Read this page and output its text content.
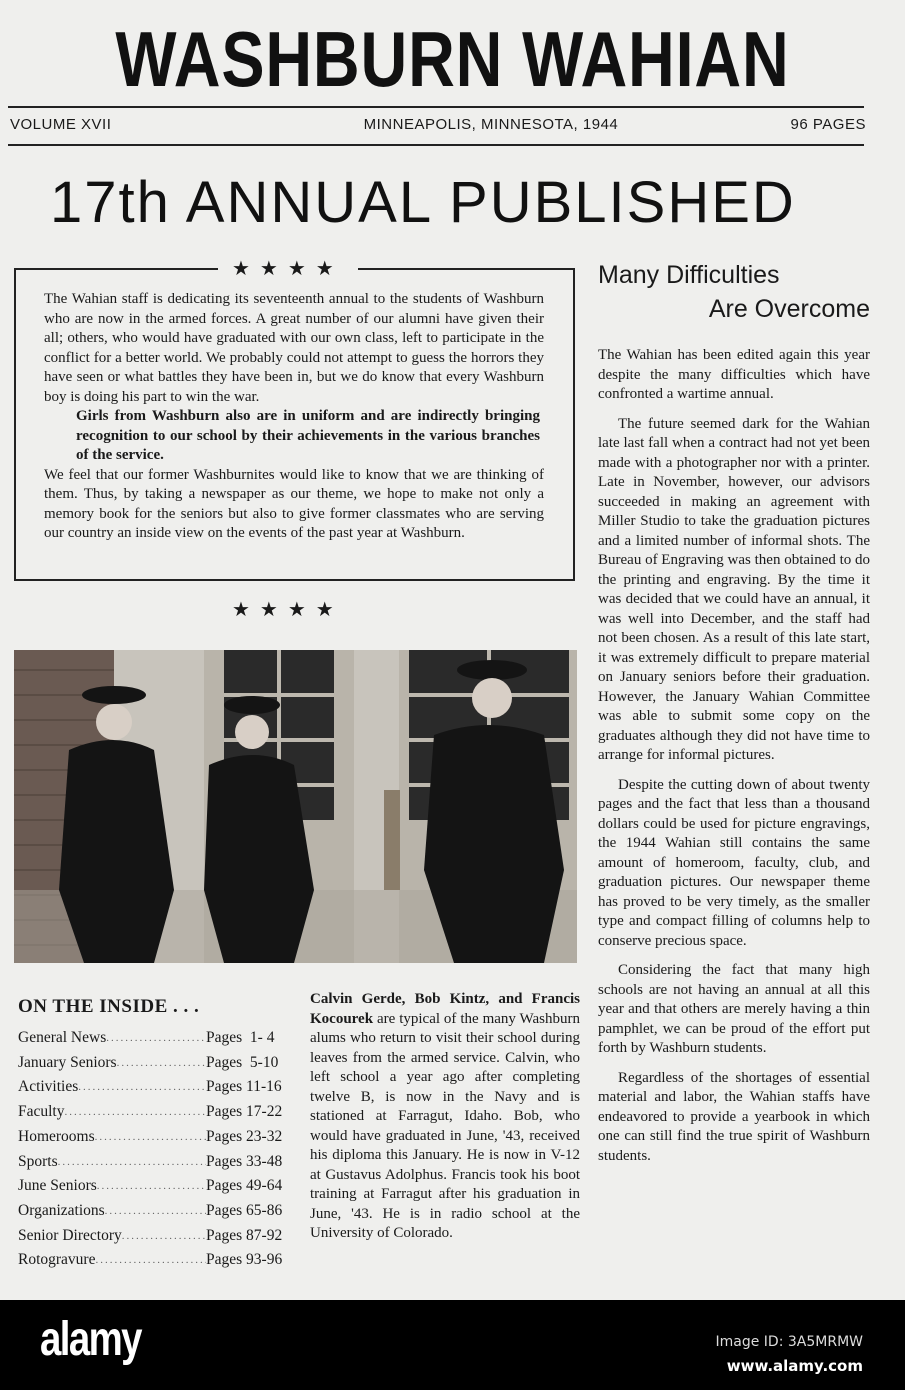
WASHBURN WAHIAN
VOLUME XVII	MINNEAPOLIS, MINNESOTA, 1944	96 PAGES
17th ANNUAL PUBLISHED
★★★★
★★★★

The Wahian staff is dedicating its seventeenth annual to the students of Washburn who are now in the armed forces. A great number of our alumni have given their all; others, who would have graduated with our own class, left to participate in the conflict for a better world. We probably could not attempt to guess the horrors they have seen or what battles they have been in, but we do know that every Washburn boy is doing his part to win the war.

Girls from Washburn also are in uniform and are indirectly bringing recognition to our school by their achievements in the various branches of the service.

We feel that our former Washburnites would like to know that we are thinking of them. Thus, by taking a newspaper as our theme, we hope to make not only a memory book for the seniors but also to give former classmates who are serving our country an inside view on the events of the past year at Washburn.

Many Difficulties
Are Overcome

The Wahian has been edited again this year despite the many difficulties which have confronted a wartime annual.

The future seemed dark for the Wahian late last fall when a contract had not yet been made with a photographer nor with a printer. Late in November, however, our advisors succeeded in making an agreement with Miller Studio to take the graduation pictures and a limited number of informal shots. The Bureau of Engraving was then obtained to do the printing and engraving. By the time it was decided that we could have an annual, it was well into December, and the staff had not been chosen. As a result of this late start, it was extremely difficult to prepare material on January seniors before their graduation. However, the January Wahian Committee was able to submit some copy on the graduates although they did not have time to arrange for informal pictures.

Despite the cutting down of about twenty pages and the fact that less than a thousand dollars could be used for picture engravings, the 1944 Wahian still contains the same amount of homeroom, faculty, club, and graduation pictures. Our newspaper theme has proved to be very timely, as the smaller type and compact filling of columns help to conserve precious space.

Considering the fact that many high schools are not having an annual at all this year and that others are merely having a thin pamphlet, we can be proud of the effort put forth by Washburn students.

Regardless of the shortages of essential material and labor, the Wahian staffs have endeavored to provide a yearbook in which one can still find the true spirit of Washburn students.

ON THE INSIDE . . .
General News .....	Pages  1- 4
January Seniors .....	Pages  5-10
Activities .....	Pages 11-16
Faculty .....	Pages 17-22
Homerooms .....	Pages 23-32
Sports .....	Pages 33-48
June Seniors .....	Pages 49-64
Organizations .....	Pages 65-86
Senior Directory .....	Pages 87-92
Rotogravure .....	Pages 93-96
Calvin Gerde, Bob Kintz, and Francis Kocourek are typical of the many Washburn alums who return to visit their school during leaves from the armed service. Calvin, who left school a year ago after completing twelve B, is now in the Navy and is stationed at Farragut, Idaho. Bob, who would have graduated in June, '43, received his diploma this January. He is now in V-12 at Gustavus Adolphus. Francis took his boot training at Farragut after his graduation in June, '43. He is in radio school at the University of Colorado.
alamy	Image ID: 3A5MRMW
www.alamy.com
